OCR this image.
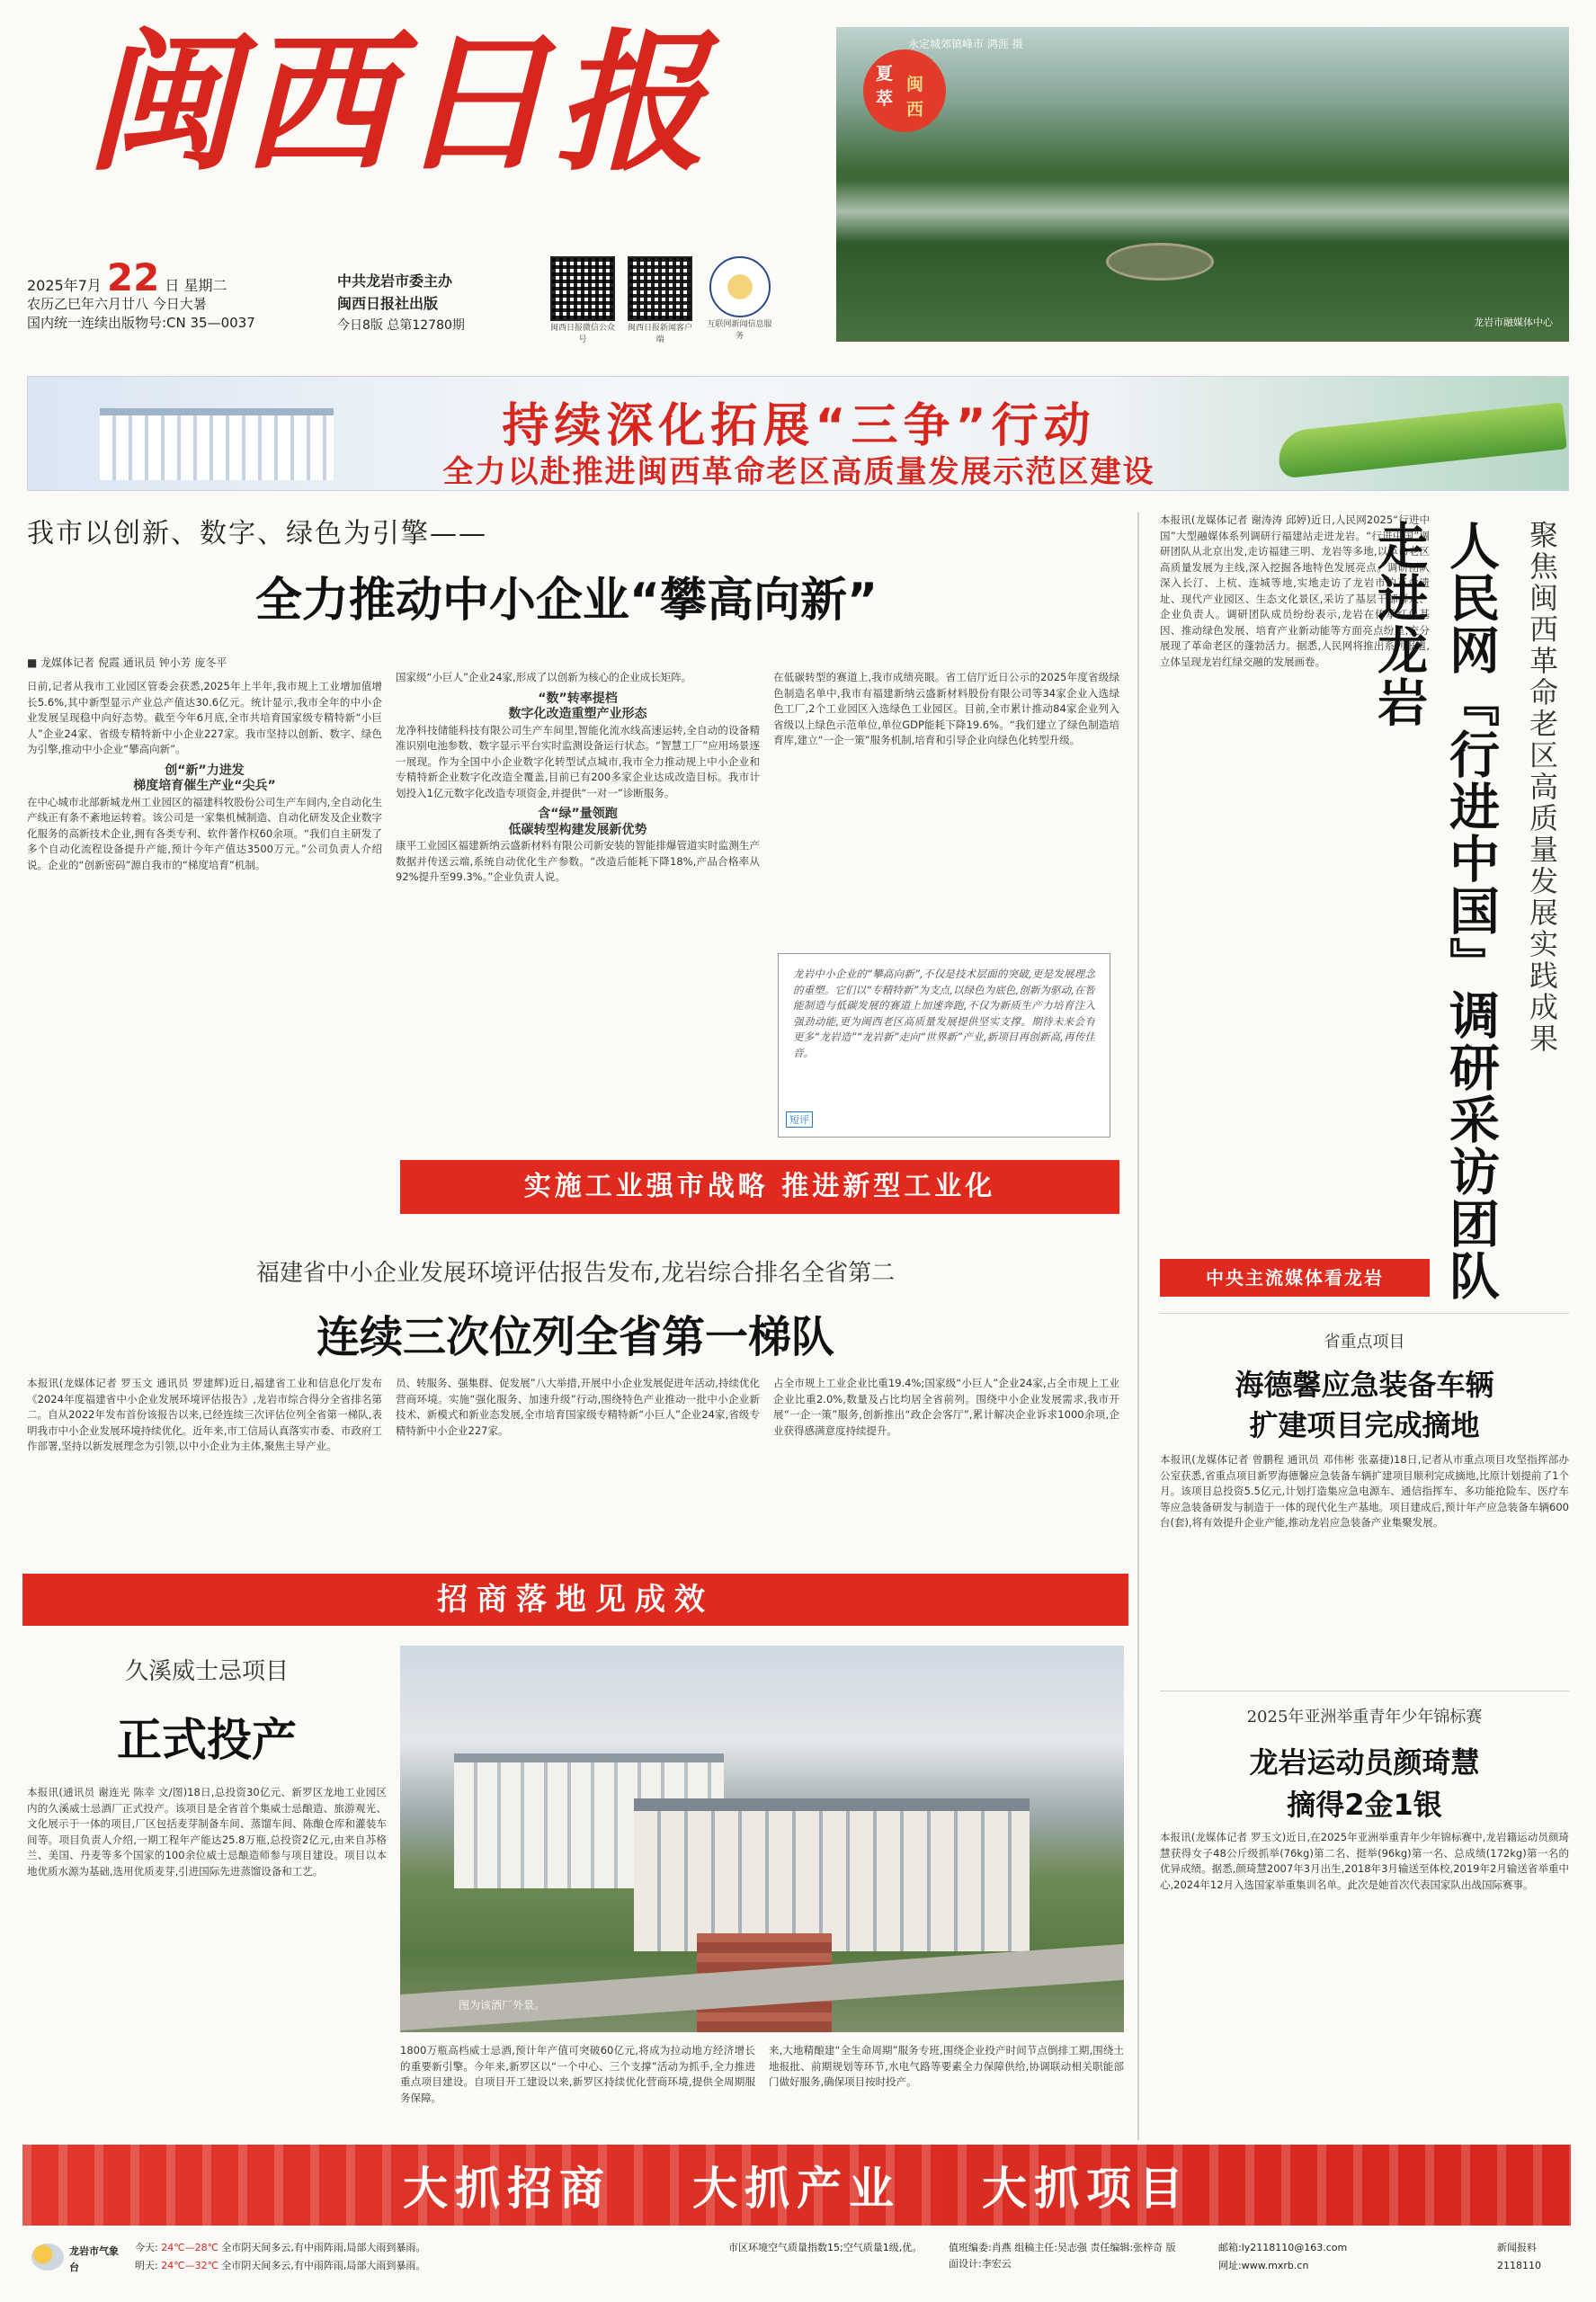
闽西日报
2025年7月 22 日 星期二
农历乙巳年六月廿八 今日大暑
国内统一连续出版物号:CN 35—0037
中共龙岩市委主办
闽西日报社出版
今日8版 总第12780期	闽西日报微信公众号
闽西日报新闻客户端
互联网新闻信息服务
永定城郊镇峰市 鸿涯 摄
龙岩市融媒体中心
夏
萃
闽
西
持续深化拓展“三争”行动
全力以赴推进闽西革命老区高质量发展示范区建设
我市以创新、数字、绿色为引擎——
全力推动中小企业“攀高向新”
■ 龙媒体记者 倪霞 通讯员 钟小芳 庞冬平
日前,记者从我市工业园区管委会获悉,2025年上半年,我市规上工业增加值增长5.6%,其中新型显示产业总产值达30.6亿元。统计显示,我市全年的中小企业发展呈现稳中向好态势。截至今年6月底,全市共培育国家级专精特新“小巨人”企业24家、省级专精特新中小企业227家。我市坚持以创新、数字、绿色为引擎,推动中小企业“攀高向新”。
创“新”力进发
梯度培育催生产业“尖兵”
在中心城市北部新城龙州工业园区的福建科牧股份公司生产车间内,全自动化生产线正有条不紊地运转着。该公司是一家集机械制造、自动化研发及企业数字化服务的高新技术企业,拥有各类专利、软件著作权60余项。“我们自主研发了多个自动化流程设备提升产能,预计今年产值达3500万元。”公司负责人介绍说。企业的“创新密码”源自我市的“梯度培育”机制。
国家级“小巨人”企业24家,形成了以创新为核心的企业成长矩阵。
“数”转率提档
数字化改造重塑产业形态
龙净科技储能科技有限公司生产车间里,智能化流水线高速运转,全自动的设备精准识别电池参数、数字显示平台实时监测设备运行状态。“智慧工厂”应用场景逐一展现。作为全国中小企业数字化转型试点城市,我市全力推动规上中小企业和专精特新企业数字化改造全覆盖,目前已有200多家企业达成改造目标。我市计划投入1亿元数字化改造专项资金,并提供“一对一”诊断服务。
含“绿”量领跑
低碳转型构建发展新优势
康平工业园区福建新纳云盛新材料有限公司新安装的智能排爆管道实时监测生产数据并传送云端,系统自动优化生产参数。“改造后能耗下降18%,产品合格率从92%提升至99.3%。”企业负责人说。
在低碳转型的赛道上,我市成绩亮眼。省工信厅近日公示的2025年度省级绿色制造名单中,我市有福建新纳云盛新材料股份有限公司等34家企业入选绿色工厂,2个工业园区入选绿色工业园区。目前,全市累计推动84家企业列入省级以上绿色示范单位,单位GDP能耗下降19.6%。“我们建立了绿色制造培育库,建立“一企一策”服务机制,培育和引导企业向绿色化转型升级。
龙岩中小企业的“攀高向新”,不仅是技术层面的突破,更是发展理念的重塑。它们以“专精特新”为支点,以绿色为底色,创新为驱动,在智能制造与低碳发展的赛道上加速奔跑,不仅为新质生产力培育注入强劲动能,更为闽西老区高质量发展提供坚实支撑。期待未来会有更多“龙岩造”“龙岩新”走向“世界新”产业,新项目再创新高,再传佳音。
短评
实施工业强市战略 推进新型工业化
福建省中小企业发展环境评估报告发布,龙岩综合排名全省第二
连续三次位列全省第一梯队
本报讯(龙媒体记者 罗玉文 通讯员 罗建辉)近日,福建省工业和信息化厅发布《2024年度福建省中小企业发展环境评估报告》,龙岩市综合得分全省排名第二。自从2022年发布首份该报告以来,已经连续三次评估位列全省第一梯队,表明我市中小企业发展环境持续优化。近年来,市工信局认真落实市委、市政府工作部署,坚持以新发展理念为引领,以中小企业为主体,聚焦主导产业。
员、转服务、强集群、促发展”八大举措,开展中小企业发展促进年活动,持续优化营商环境。实施“强化服务、加速升级”行动,围绕特色产业推动一批中小企业新技术、新模式和新业态发展,全市培育国家级专精特新“小巨人”企业24家,省级专精特新中小企业227家。
占全市规上工业企业比重19.4%;国家级“小巨人”企业24家,占全市规上工业企业比重2.0%,数量及占比均居全省前列。围绕中小企业发展需求,我市开展“一企一策”服务,创新推出“政企会客厅”,累计解决企业诉求1000余项,企业获得感满意度持续提升。
招商落地见成效
久溪威士忌项目
正式投产
本报讯(通讯员 谢连光 陈幸 文/图)18日,总投资30亿元、新罗区龙地工业园区内的久溪威士忌酒厂正式投产。该项目是全省首个集威士忌酿造、旅游观光、文化展示于一体的项目,厂区包括麦芽制备车间、蒸馏车间、陈酿仓库和灌装车间等。项目负责人介绍,一期工程年产能达25.8万瓶,总投资2亿元,由来自苏格兰、美国、丹麦等多个国家的100余位威士忌酿造师参与项目建设。项目以本地优质水源为基础,选用优质麦芽,引进国际先进蒸馏设备和工艺。
图为该酒厂外景。
1800万瓶高档威士忌酒,预计年产值可突破60亿元,将成为拉动地方经济增长的重要新引擎。今年来,新罗区以“一个中心、三个支撑”活动为抓手,全力推进重点项目建设。自项目开工建设以来,新罗区持续优化营商环境,提供全周期服务保障。
来,大地精酿建“全生命周期”服务专班,围绕企业投产时间节点倒排工期,围绕土地报批、前期规划等环节,水电气路等要素全力保障供给,协调联动相关职能部门做好服务,确保项目按时投产。
本报讯(龙媒体记者 谢涛涛 邱婷)近日,人民网2025“行进中国”大型融媒体系列调研行福建站走进龙岩。“行进中国”调研团队从北京出发,走访福建三明、龙岩等多地,以革命老区高质量发展为主线,深入挖掘各地特色发展亮点。调研团队深入长汀、上杭、连城等地,实地走访了龙岩市的革命遗址、现代产业园区、生态文化景区,采访了基层干部群众、企业负责人。调研团队成员纷纷表示,龙岩在传承红色基因、推动绿色发展、培育产业新动能等方面亮点纷呈,充分展现了革命老区的蓬勃活力。据悉,人民网将推出系列报道,立体呈现龙岩红绿交融的发展画卷。	人民网『行进中国』调研采访团队走进龙岩	聚焦闽西革命老区高质量发展实践成果
中央主流媒体看龙岩
省重点项目
海德馨应急装备车辆
扩建项目完成摘地
本报讯(龙媒体记者 曾鹏程 通讯员 邓伟彬 张嘉捷)18日,记者从市重点项目攻坚指挥部办公室获悉,省重点项目新罗海德馨应急装备车辆扩建项目顺利完成摘地,比原计划提前了1个月。该项目总投资5.5亿元,计划打造集应急电源车、通信指挥车、多功能抢险车、医疗车等应急装备研发与制造于一体的现代化生产基地。项目建成后,预计年产应急装备车辆600台(套),将有效提升企业产能,推动龙岩应急装备产业集聚发展。
2025年亚洲举重青年少年锦标赛
龙岩运动员颜琦慧
摘得2金1银
本报讯(龙媒体记者 罗玉文)近日,在2025年亚洲举重青年少年锦标赛中,龙岩籍运动员颜琦慧获得女子48公斤级抓举(76kg)第二名、挺举(96kg)第一名、总成绩(172kg)第一名的优异成绩。据悉,颜琦慧2007年3月出生,2018年3月输送至体校,2019年2月输送省举重中心,2024年12月入选国家举重集训名单。此次是她首次代表国家队出战国际赛事。
大抓招商 大抓产业 大抓项目
龙岩市气象台
今天: 24℃—28℃ 全市阴天间多云,有中雨阵雨,局部大雨到暴雨。
明天: 24℃—32℃ 全市阴天间多云,有中雨阵雨,局部大雨到暴雨。
市区环境空气质量指数15;空气质量1级,优。	值班编委:肖燕 组稿主任:吴志强 责任编辑:张梓奇 版面设计:李宏云
邮箱:ly2118110@163.com
网址:www.mxrb.cn
新闻报料
2118110
